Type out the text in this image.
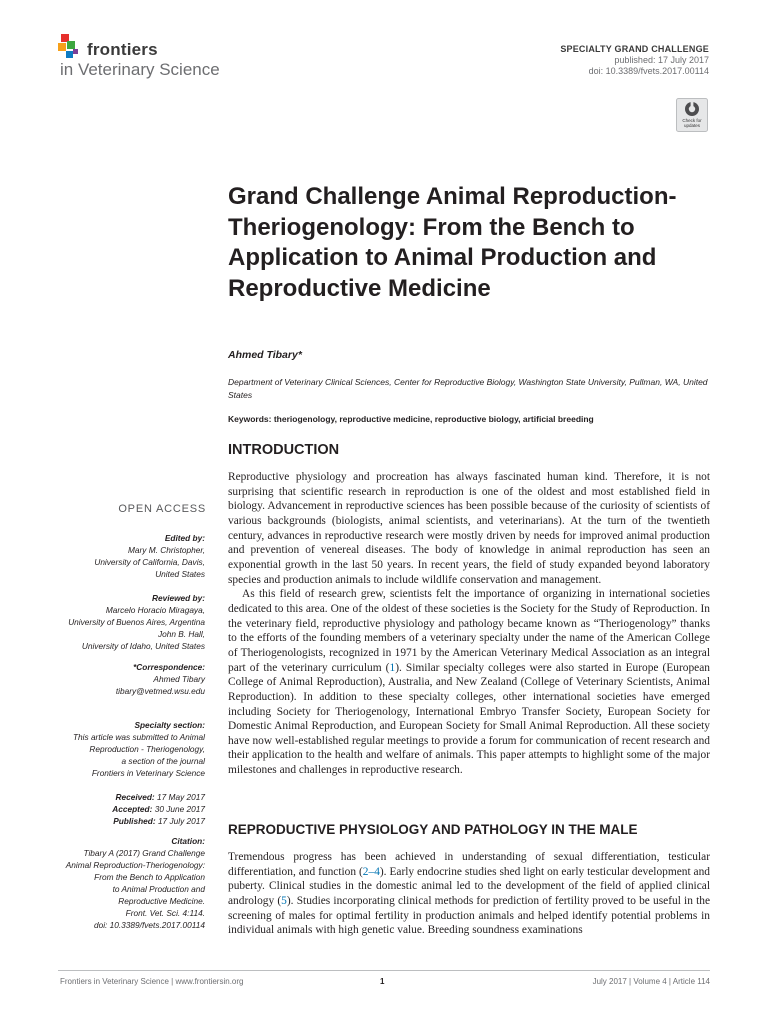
frontiers
in Veterinary Science
SPECIALTY GRAND CHALLENGE
published: 17 July 2017
doi: 10.3389/fvets.2017.00114
Check for updates
Grand Challenge Animal Reproduction-Theriogenology: From the Bench to Application to Animal Production and Reproductive Medicine
Ahmed Tibary*
Department of Veterinary Clinical Sciences, Center for Reproductive Biology, Washington State University, Pullman, WA, United States
Keywords: theriogenology, reproductive medicine, reproductive biology, artificial breeding
INTRODUCTION

Reproductive physiology and procreation has always fascinated human kind. Therefore, it is not surprising that scientific research in reproduction is one of the oldest and most established field in biology. Advancement in reproductive sciences has been possible because of the curiosity of scientists of various backgrounds (biologists, animal scientists, and veterinarians). At the turn of the twentieth century, advances in reproductive research were mostly driven by needs for improved animal production and prevention of venereal diseases. The body of knowledge in animal reproduction has seen an exponential growth in the last 50 years. In recent years, the field of study expanded beyond laboratory species and production animals to include wildlife conservation and management.

As this field of research grew, scientists felt the importance of organizing in international societies dedicated to this area. One of the oldest of these societies is the Society for the Study of Reproduction. In the veterinary field, reproductive physiology and pathology became known as “Theriogenology” thanks to the efforts of the founding members of a veterinary specialty under the name of the American College of Theriogenologists, recognized in 1971 by the American Veterinary Medical Association as an integral part of the veterinary curriculum (1). Similar specialty colleges were also started in Europe (European College of Animal Reproduction), Australia, and New Zealand (College of Veterinary Scientists, Animal Reproduction). In addition to these specialty colleges, other international societies have emerged including Society for Theriogenology, International Embryo Transfer Society, European Society for Domestic Animal Reproduction, and European Society for Small Animal Reproduction. All these society have now well-established regular meetings to provide a forum for communication of recent research and their application to the health and welfare of animals. This paper attempts to highlight some of the major milestones and challenges in reproductive research.

REPRODUCTIVE PHYSIOLOGY AND PATHOLOGY IN THE MALE

Tremendous progress has been achieved in understanding of sexual differentiation, testicular differentiation, and function (2–4). Early endocrine studies shed light on early testicular development and puberty. Clinical studies in the domestic animal led to the development of the field of applied clinical andrology (5). Studies incorporating clinical methods for prediction of fertility proved to be useful in the screening of males for optimal fertility in production animals and helped identify potential problems in individual animals with high genetic value. Breeding soundness examinations

OPEN ACCESS
Edited by:
Mary M. Christopher,
University of California, Davis,
United States
Reviewed by:
Marcelo Horacio Miragaya,
University of Buenos Aires, Argentina
John B. Hall,
University of Idaho, United States
*Correspondence:
Ahmed Tibary
tibary@vetmed.wsu.edu
Specialty section:
This article was submitted to Animal
Reproduction - Theriogenology,
a section of the journal
Frontiers in Veterinary Science
Received: 17 May 2017
Accepted: 30 June 2017
Published: 17 July 2017
Citation:
Tibary A (2017) Grand Challenge
Animal Reproduction-Theriogenology:
From the Bench to Application
to Animal Production and
Reproductive Medicine.
Front. Vet. Sci. 4:114.
doi: 10.3389/fvets.2017.00114
Frontiers in Veterinary Science | www.frontiersin.org	1	July 2017 | Volume 4 | Article 114
